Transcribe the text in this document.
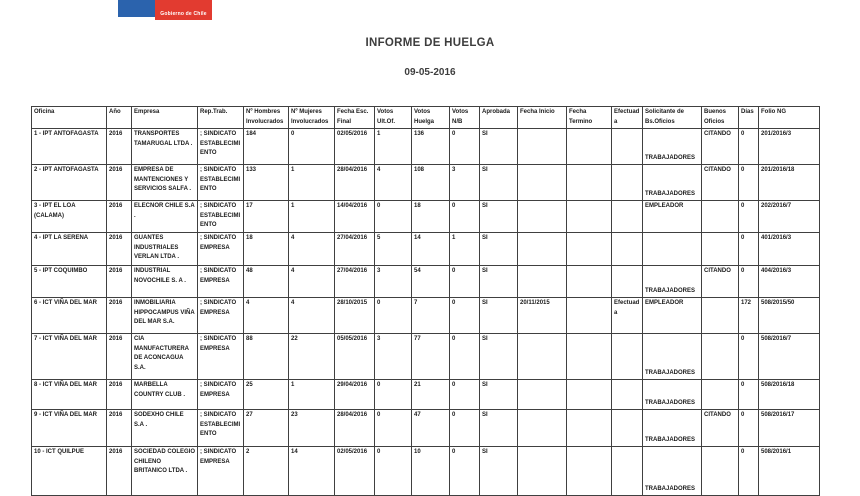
Gobierno de Chile
INFORME DE HUELGA
09-05-2016
Oficina	Año	Empresa	Rep.Trab.	Nº Hombres Involucrados	Nº Mujeres Involucrados	Fecha Esc. Final	Votos Ult.Of.	Votos Huelga	Votos N/B	Aprobada	Fecha Inicio	Fecha Termino	Efectuada	Solicitante de Bs.Oficios	Buenos Oficios	Días	Folio NG
1 - IPT ANTOFAGASTA	2016	TRANSPORTES TAMARUGAL LTDA .	; SINDICATO ESTABLECIMIENTO	184	0	02/05/2016	1	136	0	SI				TRABAJADORES	CITANDO	0	201/2016/3
2 - IPT ANTOFAGASTA	2016	EMPRESA DE MANTENCIONES Y SERVICIOS SALFA .	; SINDICATO ESTABLECIMIENTO	133	1	28/04/2016	4	108	3	SI				TRABAJADORES	CITANDO	0	201/2016/18
3 - IPT EL LOA (CALAMA)	2016	ELECNOR CHILE S.A .	; SINDICATO ESTABLECIMIENTO	17	1	14/04/2016	0	18	0	SI				EMPLEADOR		0	202/2016/7
4 - IPT LA SERENA	2016	GUANTES INDUSTRIALES VERLAN LTDA .	; SINDICATO EMPRESA	18	4	27/04/2016	5	14	1	SI						0	401/2016/3
5 - IPT COQUIMBO	2016	INDUSTRIAL NOVOCHILE S. A .	; SINDICATO EMPRESA	48	4	27/04/2016	3	54	0	SI				TRABAJADORES	CITANDO	0	404/2016/3
6 - ICT VIÑA DEL MAR	2016	INMOBILIARIA HIPPOCAMPUS VIÑA DEL MAR S.A.	; SINDICATO EMPRESA	4	4	28/10/2015	0	7	0	SI	20/11/2015		Efectuada	EMPLEADOR		172	508/2015/50
7 - ICT VIÑA DEL MAR	2016	CIA MANUFACTURERA DE ACONCAGUA S.A.	; SINDICATO EMPRESA	88	22	05/05/2016	3	77	0	SI				TRABAJADORES		0	508/2016/7
8 - ICT VIÑA DEL MAR	2016	MARBELLA COUNTRY CLUB .	; SINDICATO EMPRESA	25	1	29/04/2016	0	21	0	SI				TRABAJADORES		0	508/2016/18
9 - ICT VIÑA DEL MAR	2016	SODEXHO CHILE S.A .	; SINDICATO ESTABLECIMIENTO	27	23	28/04/2016	0	47	0	SI				TRABAJADORES	CITANDO	0	508/2016/17
10 - ICT QUILPUE	2016	SOCIEDAD COLEGIO CHILENO BRITANICO LTDA .	; SINDICATO EMPRESA	2	14	02/05/2016	0	10	0	SI				TRABAJADORES		0	508/2016/1
